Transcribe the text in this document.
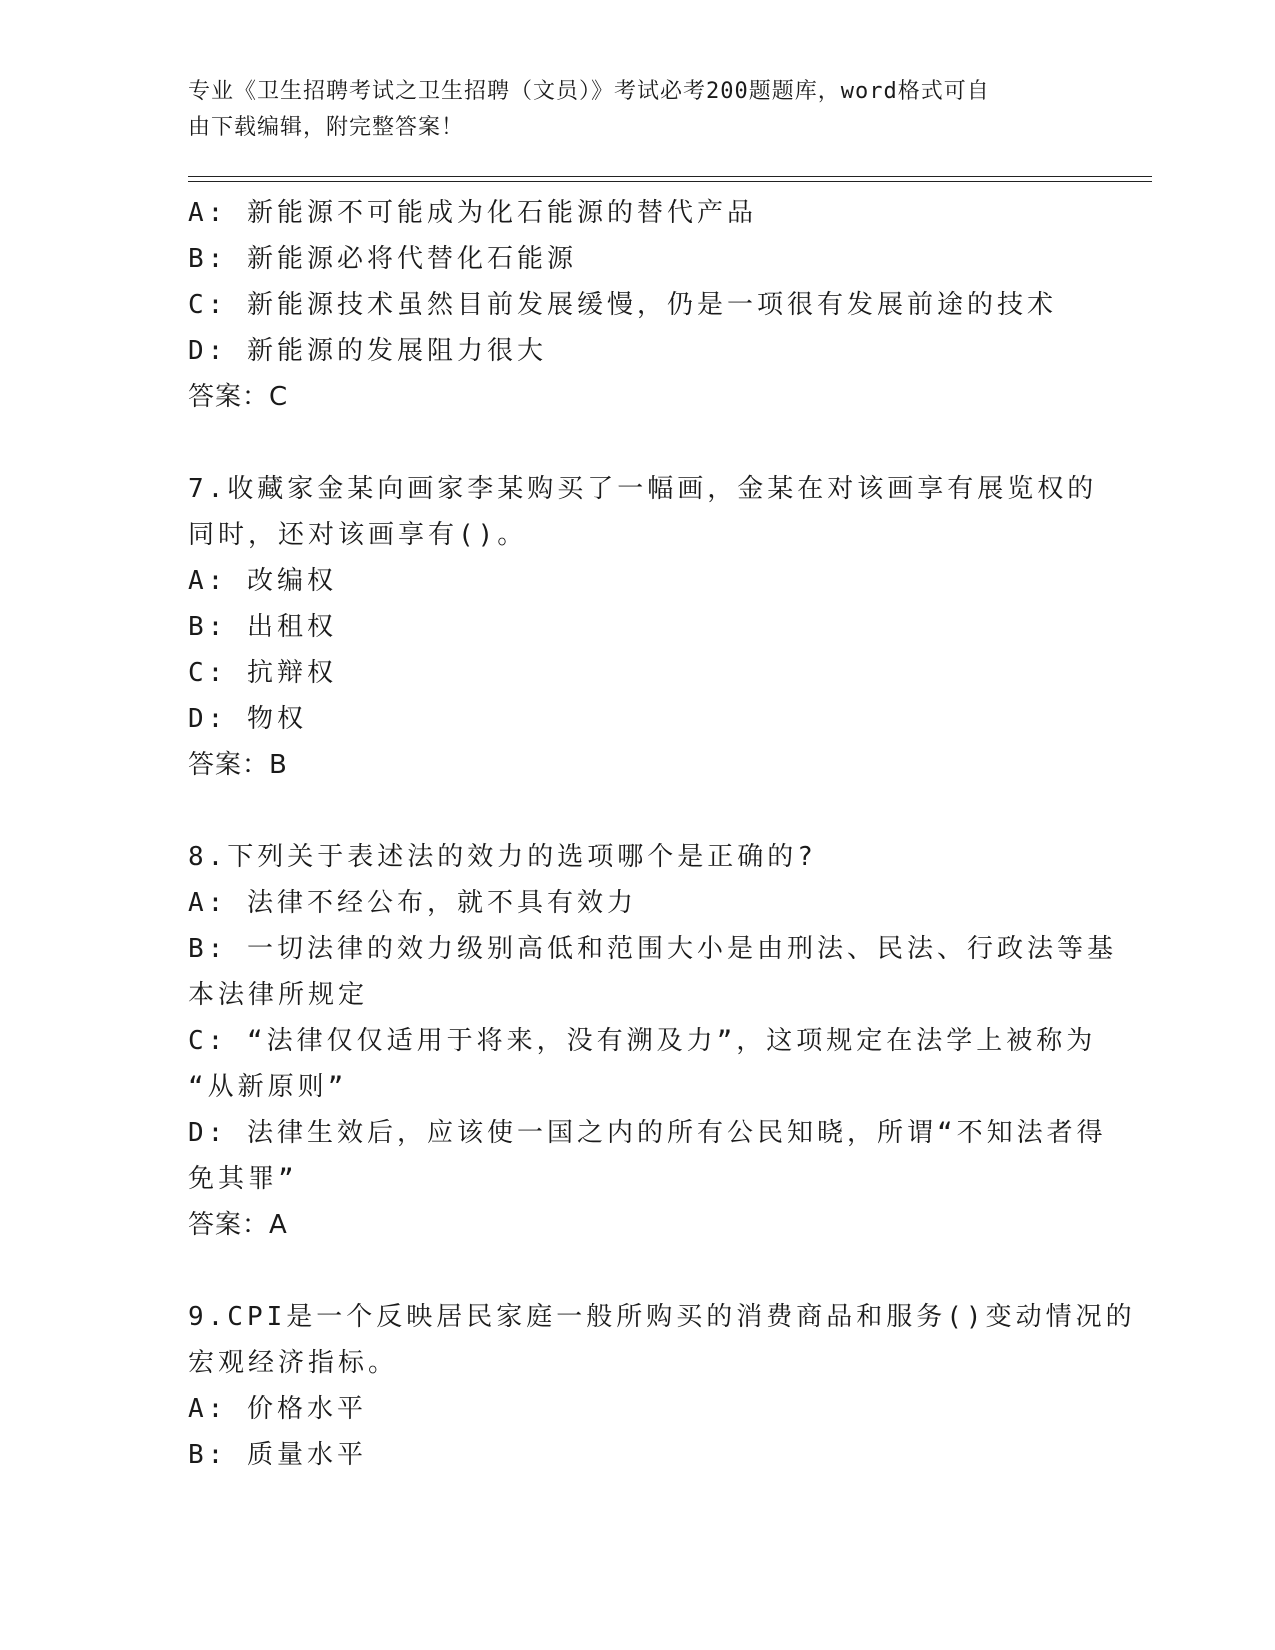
专业《卫生招聘考试之卫生招聘（文员）》考试必考200题题库，word格式可自
由下载编辑，附完整答案！
A: 新能源不可能成为化石能源的替代产品
B: 新能源必将代替化石能源
C: 新能源技术虽然目前发展缓慢，仍是一项很有发展前途的技术
D: 新能源的发展阻力很大
答案：C
7.收藏家金某向画家李某购买了一幅画，金某在对该画享有展览权的
同时，还对该画享有()。
A: 改编权
B: 出租权
C: 抗辩权
D: 物权
答案：B
8.下列关于表述法的效力的选项哪个是正确的?
A: 法律不经公布，就不具有效力
B: 一切法律的效力级别高低和范围大小是由刑法、民法、行政法等基
本法律所规定
C: “法律仅仅适用于将来，没有溯及力”，这项规定在法学上被称为
“从新原则”
D: 法律生效后，应该使一国之内的所有公民知晓，所谓“不知法者得
免其罪”
答案：A
9.CPI是一个反映居民家庭一般所购买的消费商品和服务()变动情况的
宏观经济指标。
A: 价格水平
B: 质量水平
